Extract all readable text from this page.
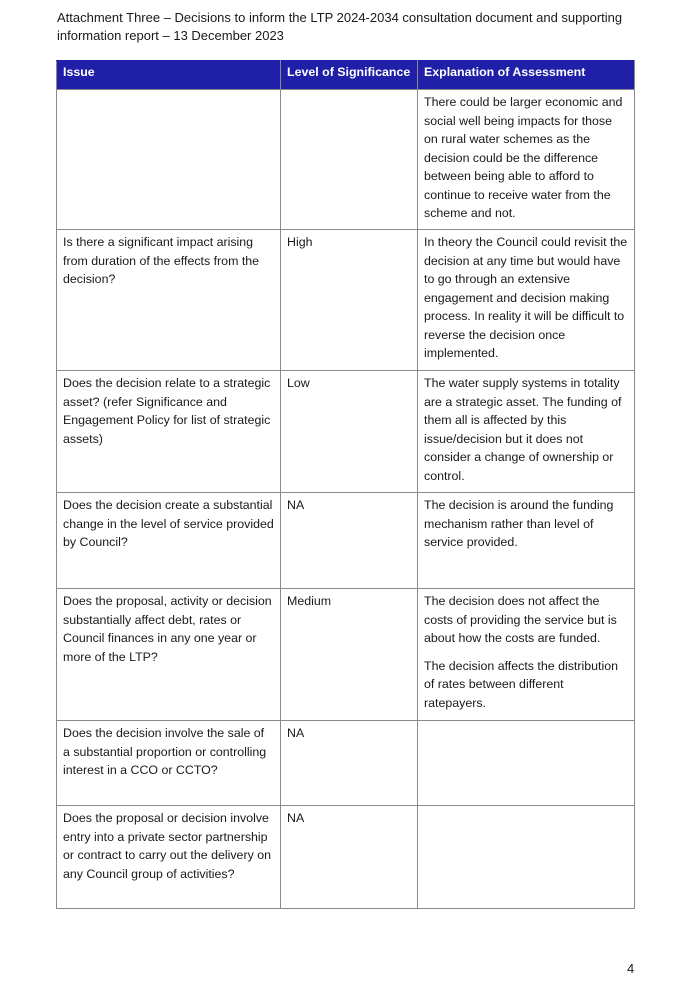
Attachment Three – Decisions to inform the LTP 2024-2034 consultation document and supporting
information report – 13 December 2023
Issue	Level of Significance	Explanation of Assessment

		There could be larger economic and social well being impacts for those on rural water schemes as the decision could be the difference between being able to afford to continue to receive water from the scheme and not.

Is there a significant impact arising from duration of the effects from the decision?	High	In theory the Council could revisit the decision at any time but would have to go through an extensive engagement and decision making process. In reality it will be difficult to reverse the decision once implemented.

Does the decision relate to a strategic asset? (refer Significance and Engagement Policy for list of strategic assets)	Low	The water supply systems in totality are a strategic asset. The funding of them all is affected by this issue/decision but it does not consider a change of ownership or control.

Does the decision create a substantial change in the level of service provided by Council?	NA	The decision is around the funding mechanism rather than level of service provided.

Does the proposal, activity or decision substantially affect debt, rates or Council finances in any one year or more of the LTP?	Medium	The decision does not affect the costs of providing the service but is about how the costs are funded.

The decision affects the distribution of rates between different ratepayers.

Does the decision involve the sale of a substantial proportion or controlling interest in a CCO or CCTO?	NA	
Does the proposal or decision involve entry into a private sector partnership or contract to carry out the delivery on any Council group of activities?	NA	
4
